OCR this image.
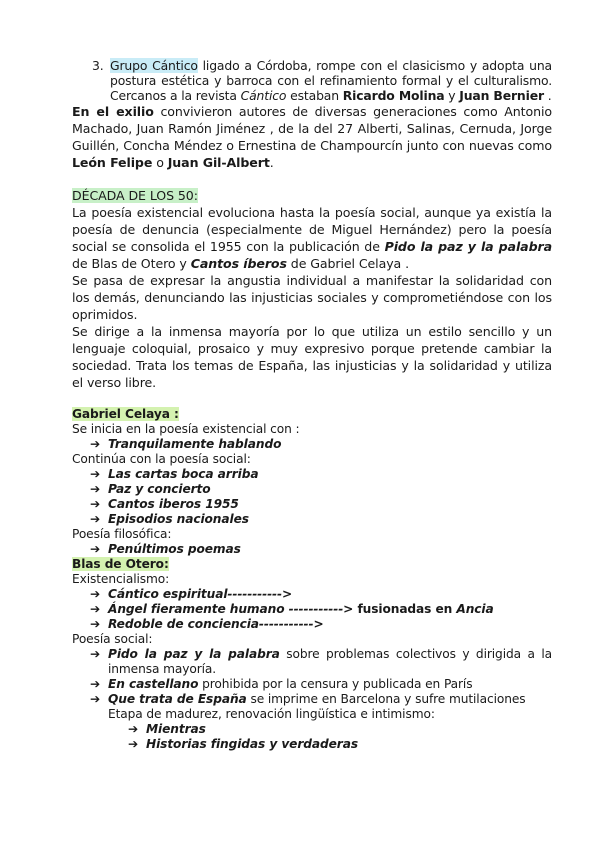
3. Grupo Cántico ligado a Córdoba, rompe con el clasicismo y adopta una postura estética y barroca con el refinamiento formal y el culturalismo. Cercanos a la revista Cántico estaban Ricardo Molina y Juan Bernier .

En el exilio convivieron autores de diversas generaciones como Antonio Machado, Juan Ramón Jiménez , de la del 27 Alberti, Salinas, Cernuda, Jorge Guillén, Concha Méndez o Ernestina de Champourcín junto con nuevas como León Felipe o Juan Gil-Albert.

DÉCADA DE LOS 50:

La poesía existencial evoluciona hasta la poesía social, aunque ya existía la poesía de denuncia (especialmente de Miguel Hernández) pero la poesía social se consolida el 1955 con la publicación de Pido la paz y la palabra de Blas de Otero y Cantos íberos de Gabriel Celaya .

Se pasa de expresar la angustia individual a manifestar la solidaridad con los demás, denunciando las injusticias sociales y comprometiéndose con los oprimidos.

Se dirige a la inmensa mayoría por lo que utiliza un estilo sencillo y un lenguaje coloquial, prosaico y muy expresivo porque pretende cambiar la sociedad. Trata los temas de España, las injusticias y la solidaridad y utiliza el verso libre.

Gabriel Celaya :

Se inicia en la poesía existencial con :

➔ Tranquilamente hablando

Continúa con la poesía social:

➔ Las cartas boca arriba
➔ Paz y concierto
➔ Cantos iberos 1955
➔ Episodios nacionales

Poesía filosófica:

➔ Penúltimos poemas

Blas de Otero:

Existencialismo:

➔ Cántico espiritual----------->
➔ Ángel fieramente humano -----------> fusionadas en Ancia
➔ Redoble de conciencia----------->

Poesía social:

➔ Pido la paz y la palabra sobre problemas colectivos y dirigida a la inmensa mayoría.
➔ En castellano prohibida por la censura y publicada en París
➔ Que trata de España se imprime en Barcelona y sufre mutilaciones

Etapa de madurez, renovación lingüística e intimismo:

➔ Mientras
➔ Historias fingidas y verdaderas
